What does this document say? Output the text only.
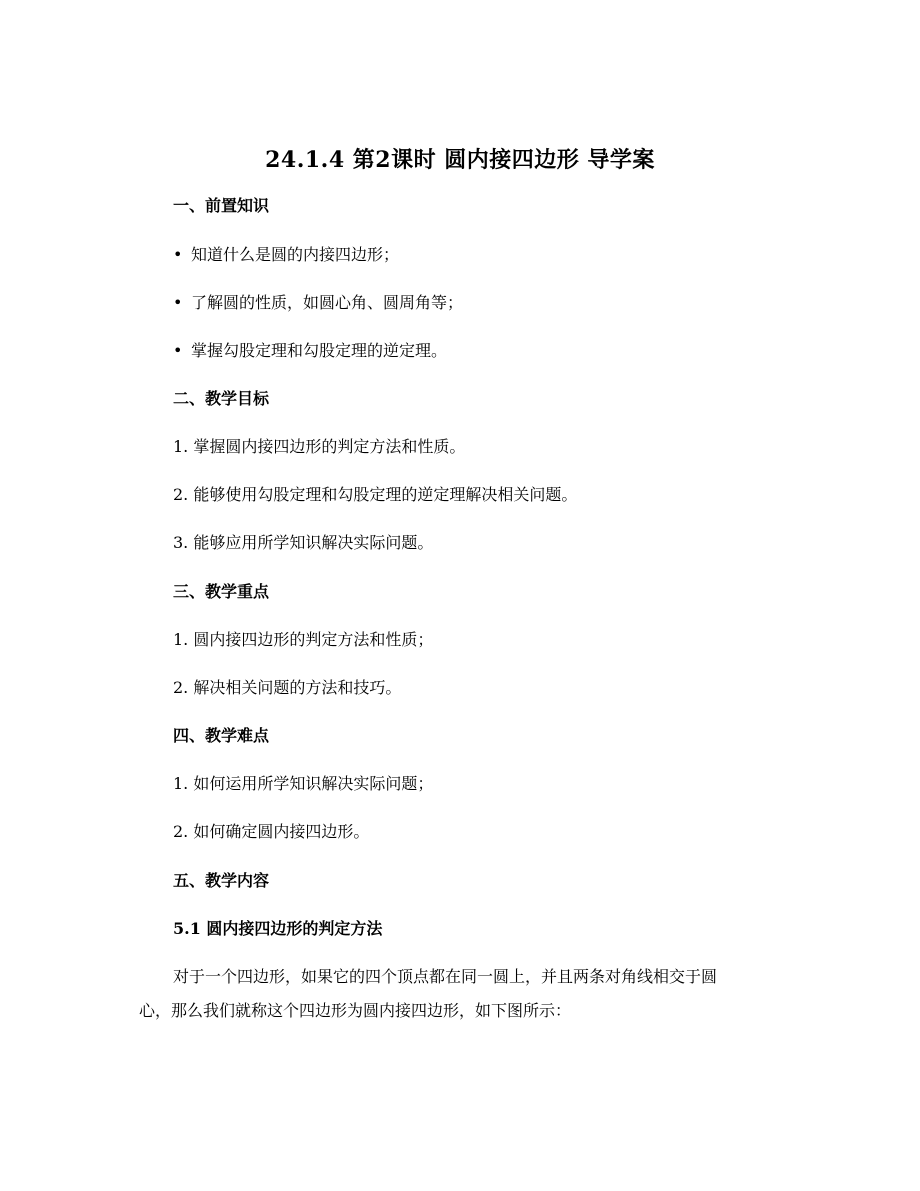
24.1.4 第2课时 圆内接四边形 导学案
一、前置知识
• 知道什么是圆的内接四边形；
• 了解圆的性质，如圆心角、圆周角等；
• 掌握勾股定理和勾股定理的逆定理。
二、教学目标
1. 掌握圆内接四边形的判定方法和性质。
2. 能够使用勾股定理和勾股定理的逆定理解决相关问题。
3. 能够应用所学知识解决实际问题。
三、教学重点
1. 圆内接四边形的判定方法和性质；
2. 解决相关问题的方法和技巧。
四、教学难点
1. 如何运用所学知识解决实际问题；
2. 如何确定圆内接四边形。
五、教学内容
5.1 圆内接四边形的判定方法
对于一个四边形，如果它的四个顶点都在同一圆上，并且两条对角线相交于圆
心，那么我们就称这个四边形为圆内接四边形，如下图所示：
